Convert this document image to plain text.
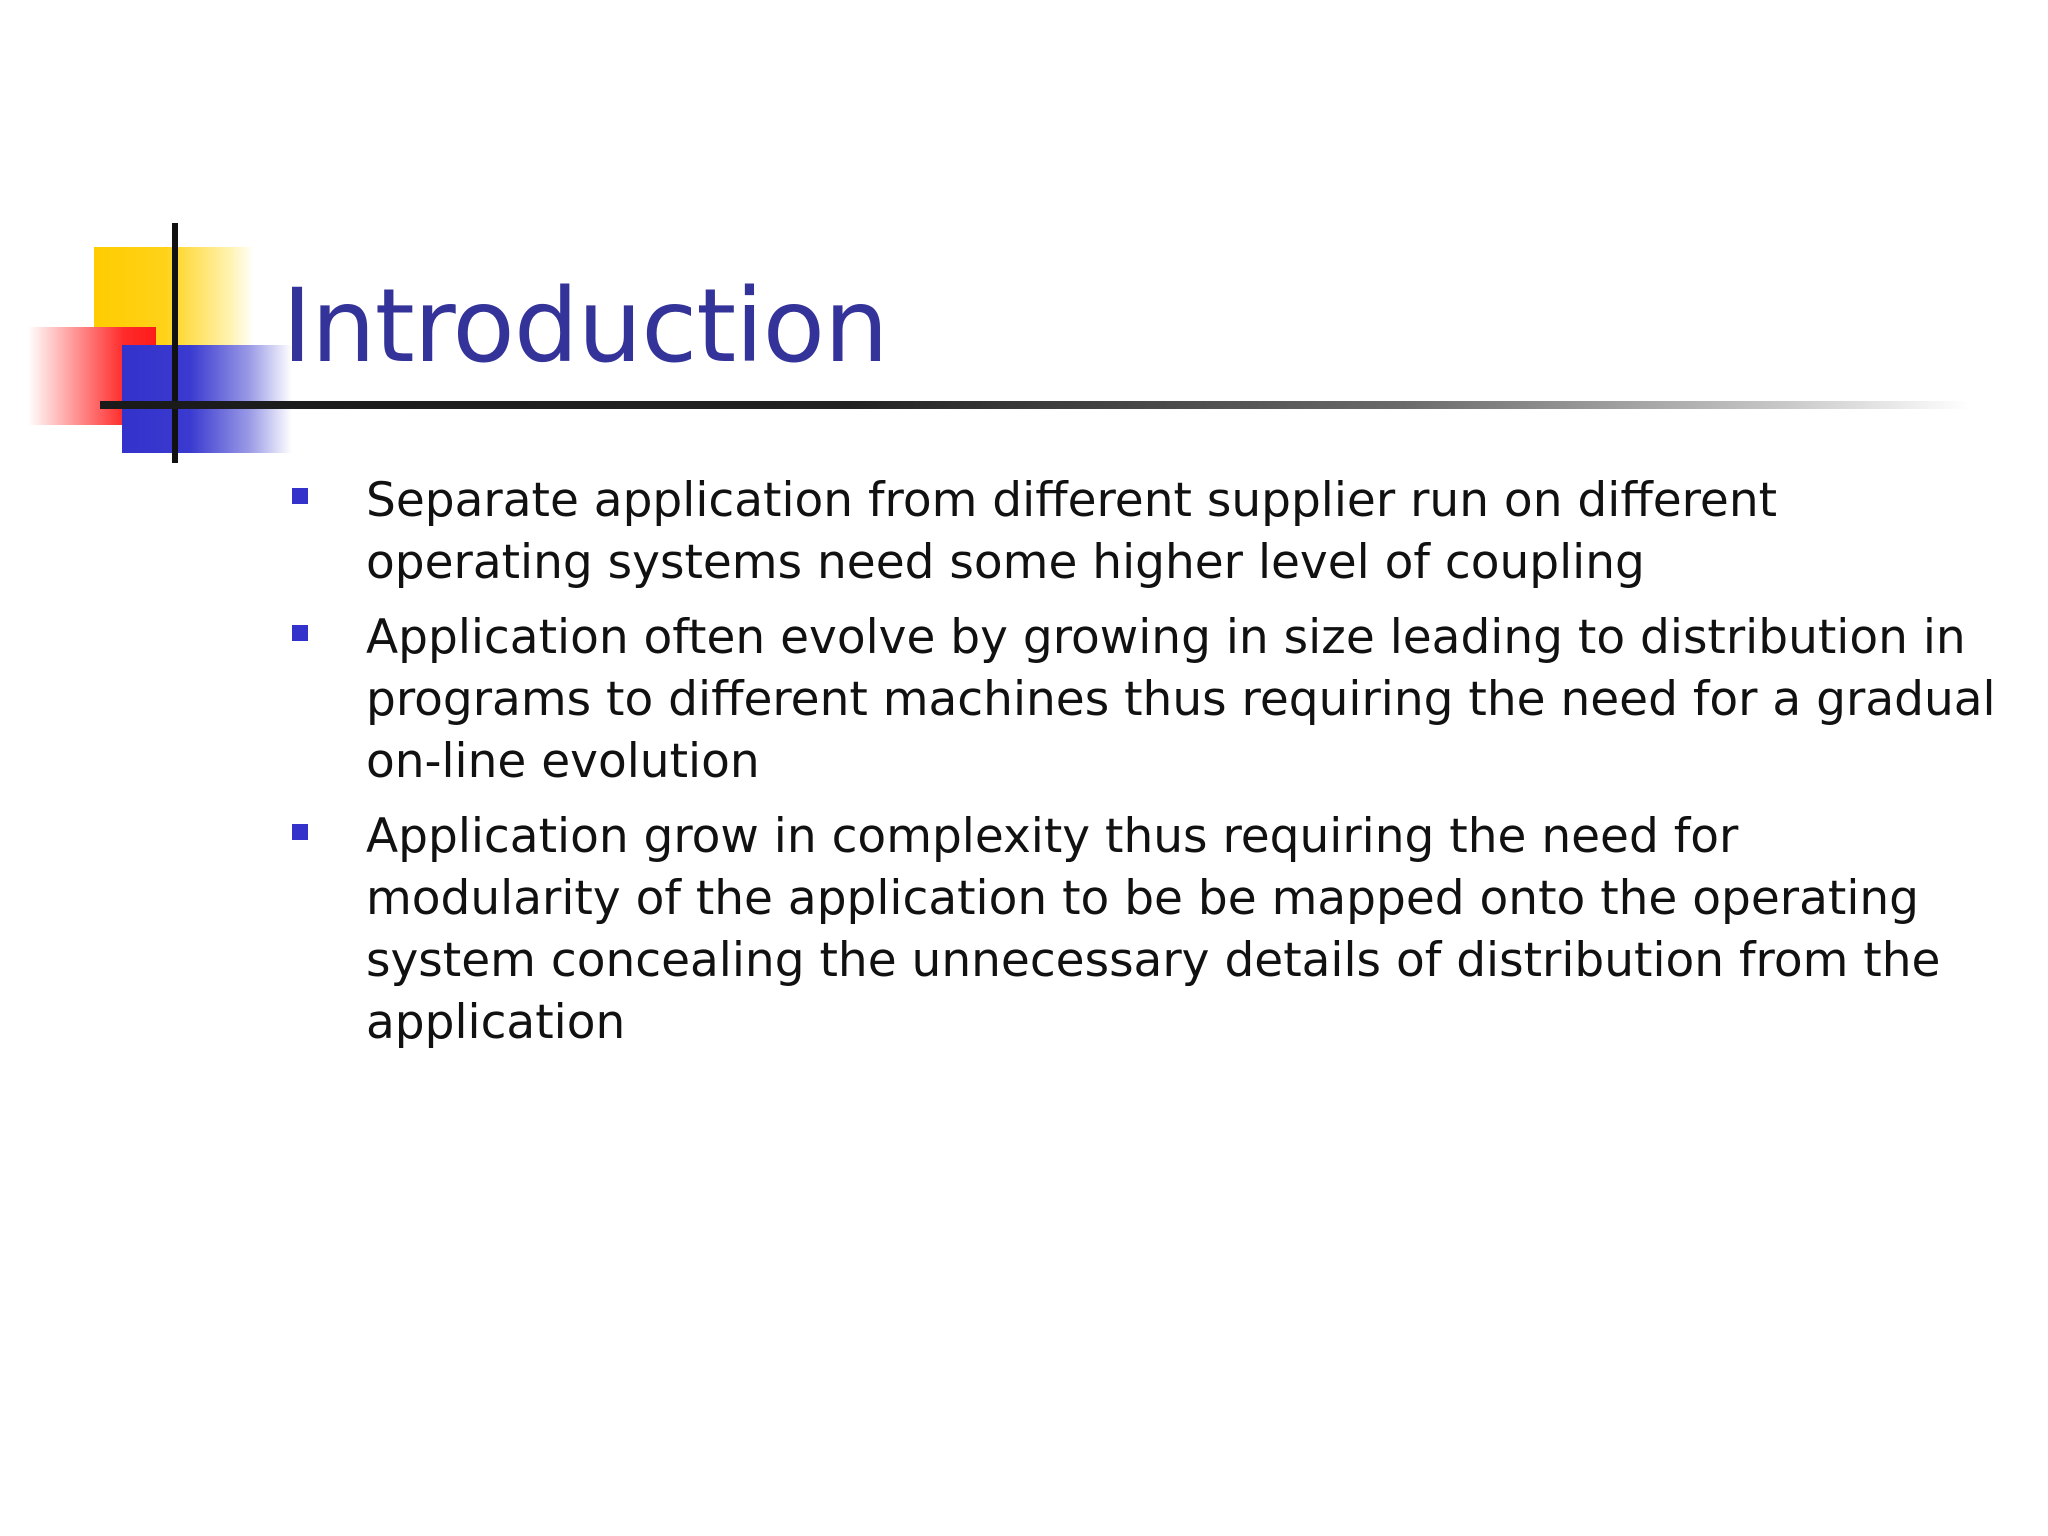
Introduction
Separate application from different supplier run on different operating systems need some higher level of coupling
Application often evolve by growing in size leading to distribution in programs to different machines thus requiring the need for a gradual on-line evolution
Application grow in complexity thus requiring the need for modularity of the application to be be mapped onto the operating system concealing the unnecessary details of distribution from the application
